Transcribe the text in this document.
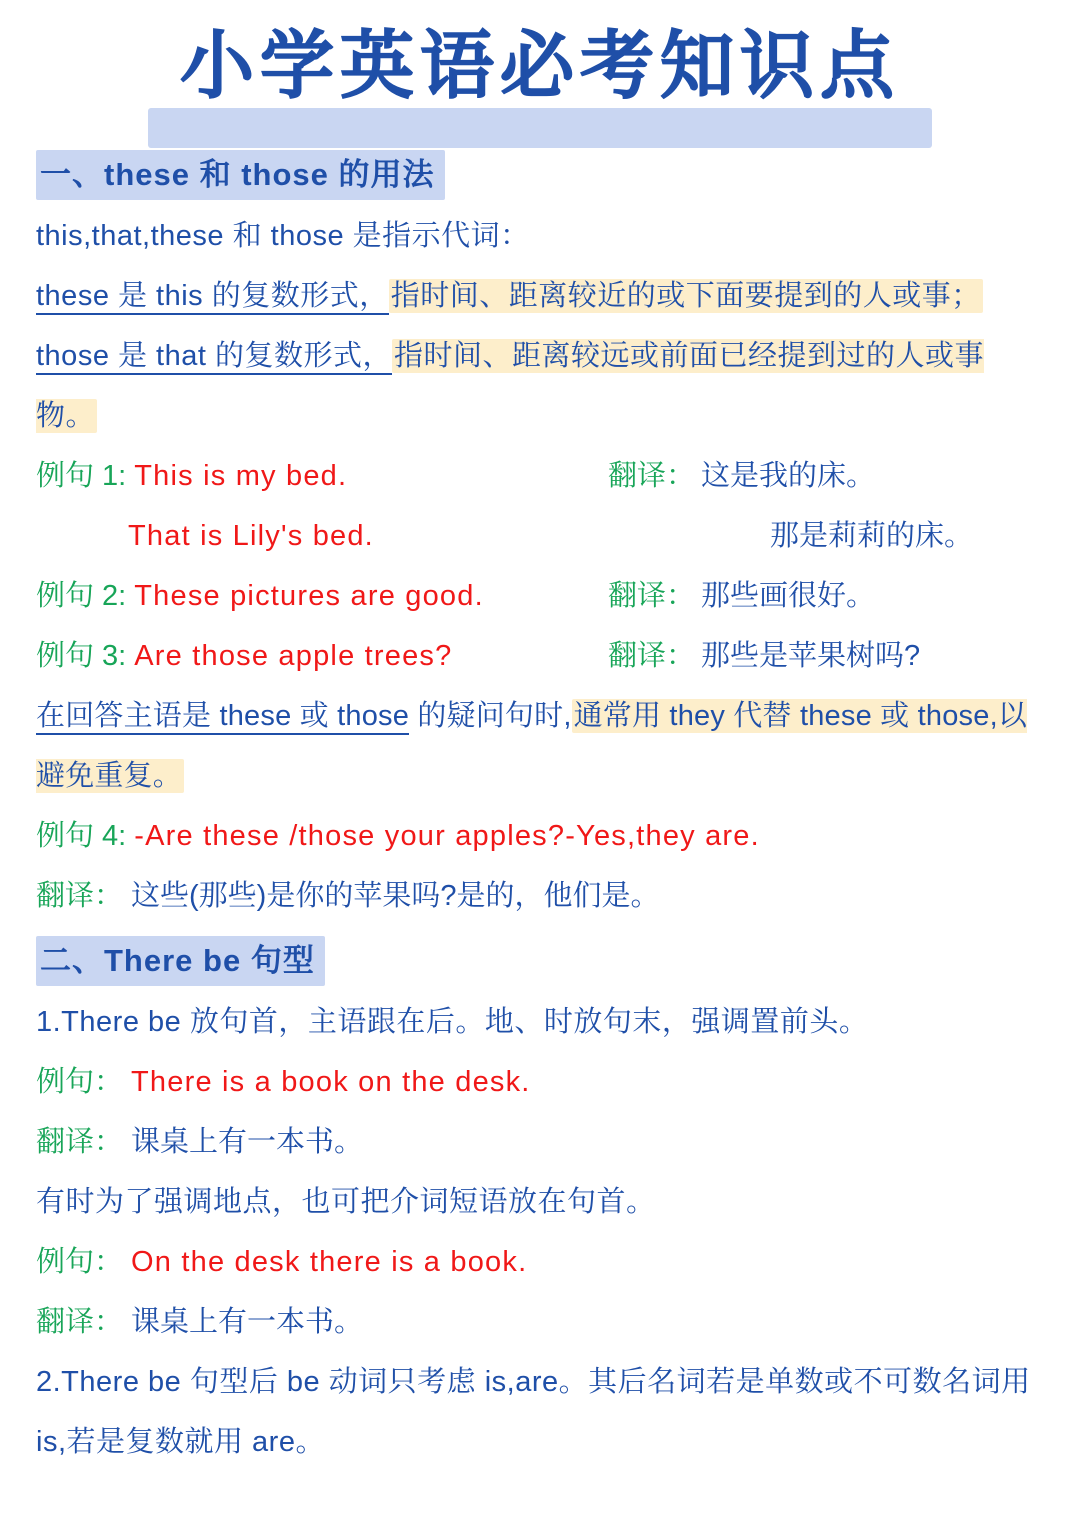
小学英语必考知识点
一、these 和 those 的用法
this,that,these 和 those 是指示代词：
these 是 this 的复数形式，指时间、距离较近的或下面要提到的人或事；
those 是 that 的复数形式，指时间、距离较远或前面已经提到过的人或事物。
例句 1: This is my bed.	翻译： 这是我的床。
That is Lily's bed.	那是莉莉的床。
例句 2: These pictures are good.	翻译： 那些画很好。
例句 3: Are those apple trees?	翻译： 那些是苹果树吗?
在回答主语是 these 或 those 的疑问句时,通常用 they 代替 these 或 those,以避免重复。
例句 4: -Are these /those your apples?-Yes,they are.
翻译： 这些(那些)是你的苹果吗?是的，他们是。
二、There be 句型
1.There be 放句首，主语跟在后。地、时放句末，强调置前头。
例句： There is a book on the desk.
翻译： 课桌上有一本书。
有时为了强调地点，也可把介词短语放在句首。
例句： On the desk there is a book.
翻译： 课桌上有一本书。
2.There be 句型后 be 动词只考虑 is,are。其后名词若是单数或不可数名词用 is,若是复数就用 are。
